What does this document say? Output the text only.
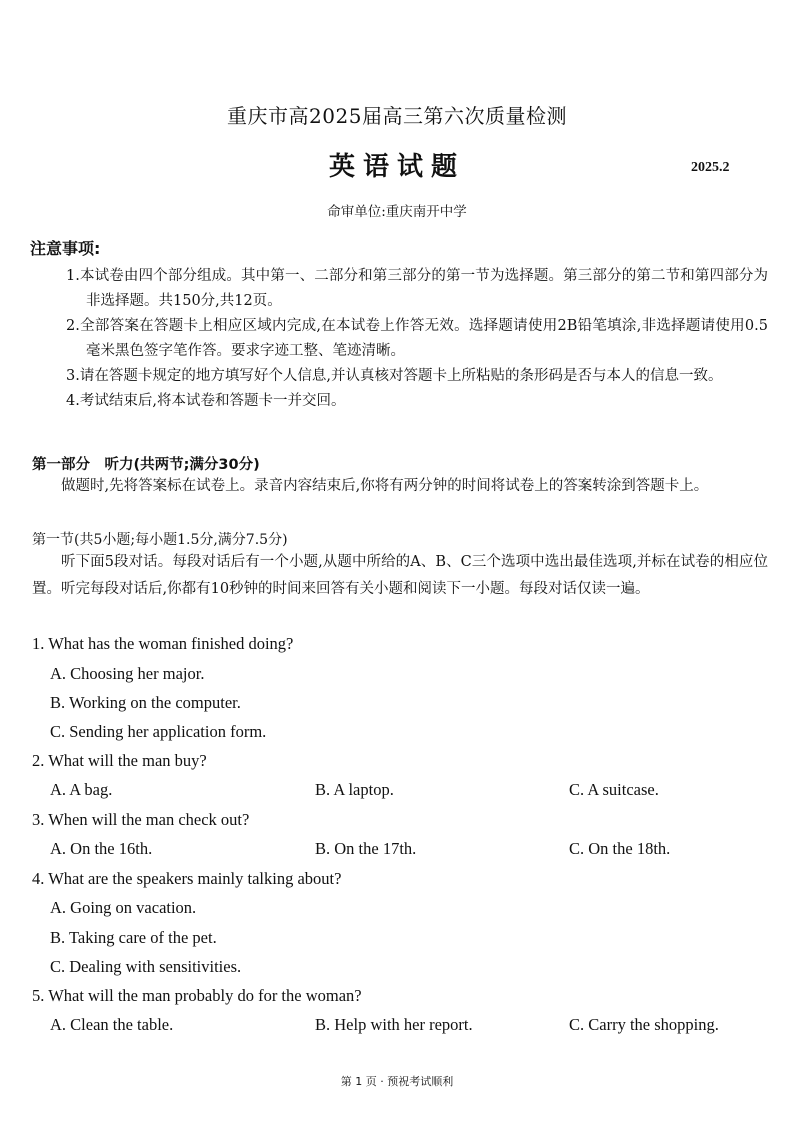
重庆市高2025届高三第六次质量检测
英语试题	2025.2
命审单位:重庆南开中学
注意事项:

1.本试卷由四个部分组成。其中第一、二部分和第三部分的第一节为选择题。第三部分的第二节和第四部分为非选择题。共150分,共12页。

2.全部答案在答题卡上相应区域内完成,在本试卷上作答无效。选择题请使用2B铅笔填涂,非选择题请使用0.5毫米黑色签字笔作答。要求字迹工整、笔迹清晰。

3.请在答题卡规定的地方填写好个人信息,并认真核对答题卡上所粘贴的条形码是否与本人的信息一致。

4.考试结束后,将本试卷和答题卡一并交回。

第一部分　听力(共两节;满分30分)

做题时,先将答案标在试卷上。录音内容结束后,你将有两分钟的时间将试卷上的答案转涂到答题卡上。

第一节(共5小题;每小题1.5分,满分7.5分)

听下面5段对话。每段对话后有一个小题,从题中所给的A、B、C三个选项中选出最佳选项,并标在试卷的相应位置。听完每段对话后,你都有10秒钟的时间来回答有关小题和阅读下一小题。每段对话仅读一遍。

1. What has the woman finished doing?
A. Choosing her major.
B. Working on the computer.
C. Sending her application form.
2. What will the man buy?
A. A bag.	B. A laptop.	C. A suitcase.
3. When will the man check out?
A. On the 16th.	B. On the 17th.	C. On the 18th.
4. What are the speakers mainly talking about?
A. Going on vacation.
B. Taking care of the pet.
C. Dealing with sensitivities.
5. What will the man probably do for the woman?
A. Clean the table.	B. Help with her report.	C. Carry the shopping.
第 1 页 · 预祝考试顺利
